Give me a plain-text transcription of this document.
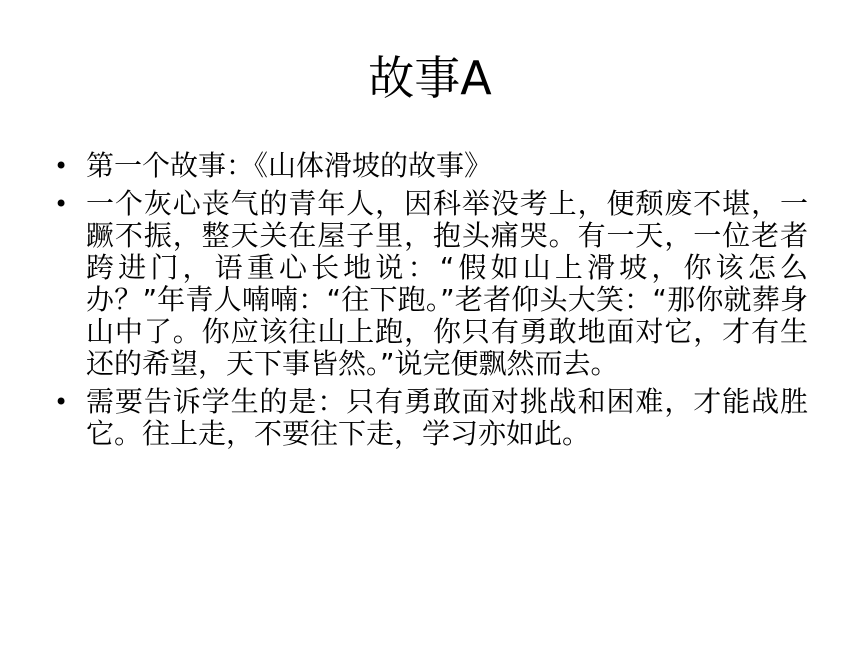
故事A
• 第一个故事：《山体滑坡的故事》
• 一个灰心丧气的青年人，因科举没考上，便颓废不堪，一蹶不振，整天关在屋子里，抱头痛哭。有一天，一位老者跨进门，语重心长地说：“假如山上滑坡，你该怎么办？”年青人喃喃：“往下跑。”老者仰头大笑：“那你就葬身山中了。你应该往山上跑，你只有勇敢地面对它，才有生还的希望，天下事皆然。”说完便飘然而去。
• 需要告诉学生的是：只有勇敢面对挑战和困难，才能战胜它。往上走，不要往下走，学习亦如此。
